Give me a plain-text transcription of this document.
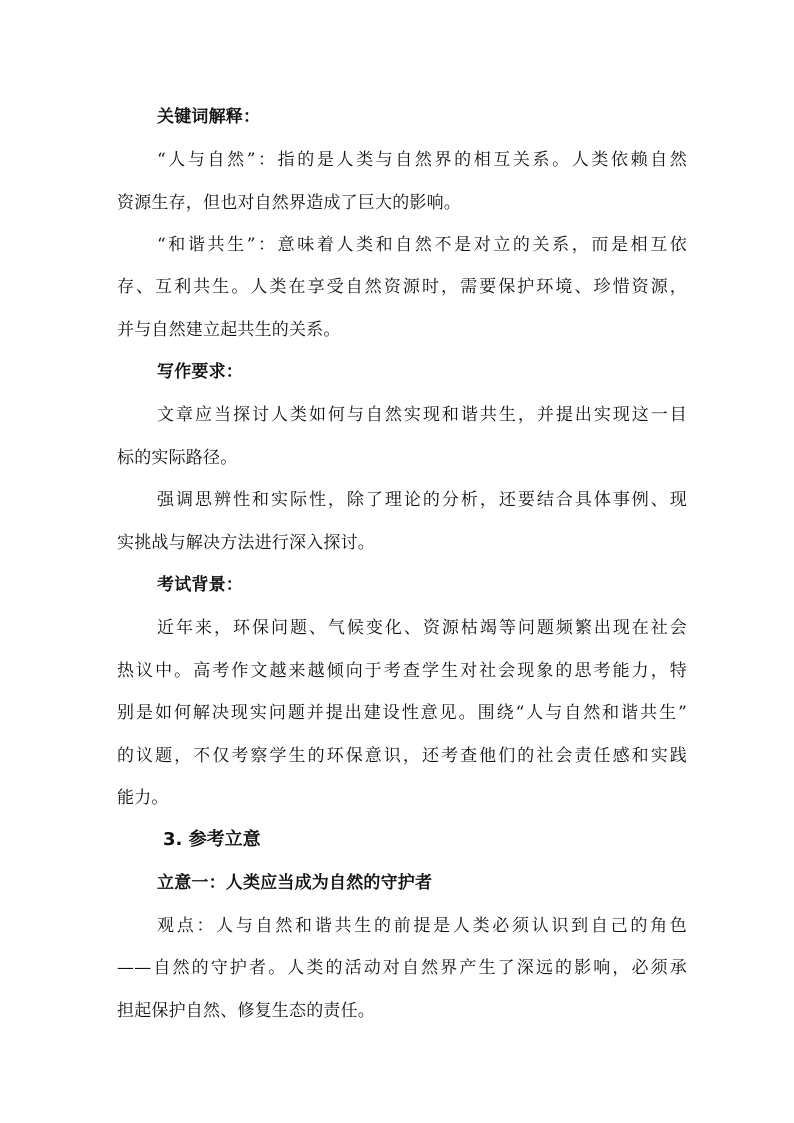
关键词解释：
“人与自然”：指的是人类与自然界的相互关系。人类依赖自然
资源生存，但也对自然界造成了巨大的影响。
“和谐共生”：意味着人类和自然不是对立的关系，而是相互依
存、互利共生。人类在享受自然资源时，需要保护环境、珍惜资源，
并与自然建立起共生的关系。
写作要求：
文章应当探讨人类如何与自然实现和谐共生，并提出实现这一目
标的实际路径。
强调思辨性和实际性，除了理论的分析，还要结合具体事例、现
实挑战与解决方法进行深入探讨。
考试背景：
近年来，环保问题、气候变化、资源枯竭等问题频繁出现在社会
热议中。高考作文越来越倾向于考查学生对社会现象的思考能力，特
别是如何解决现实问题并提出建设性意见。围绕“人与自然和谐共生”
的议题，不仅考察学生的环保意识，还考查他们的社会责任感和实践
能力。
3. 参考立意
立意一：人类应当成为自然的守护者
观点：人与自然和谐共生的前提是人类必须认识到自己的角色
——自然的守护者。人类的活动对自然界产生了深远的影响，必须承
担起保护自然、修复生态的责任。
